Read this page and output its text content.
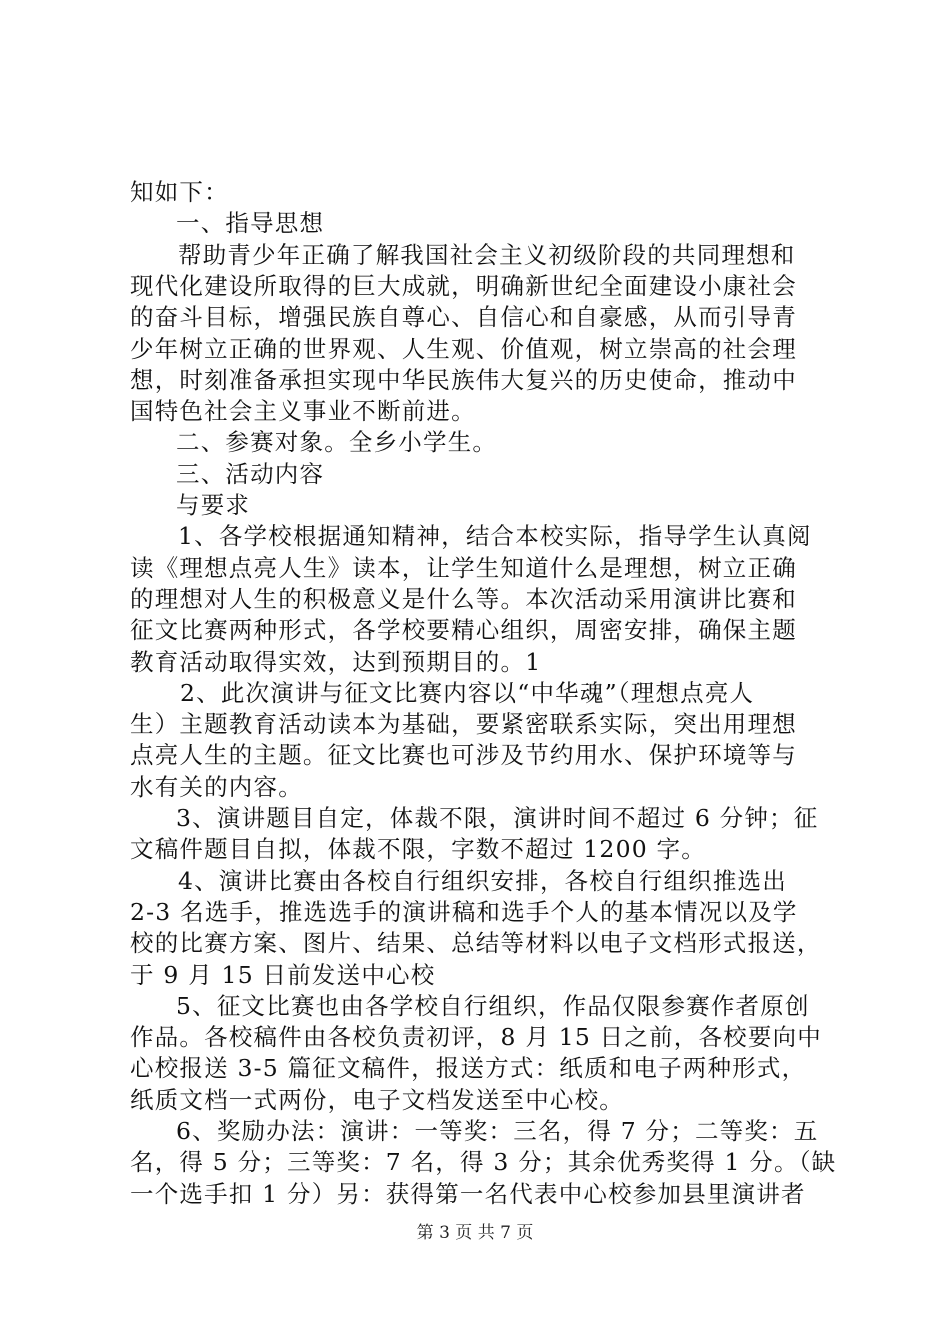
知如下：
一、指导思想
帮助青少年正确了解我国社会主义初级阶段的共同理想和
现代化建设所取得的巨大成就，明确新世纪全面建设小康社会
的奋斗目标，增强民族自尊心、自信心和自豪感，从而引导青
少年树立正确的世界观、人生观、价值观，树立崇高的社会理
想，时刻准备承担实现中华民族伟大复兴的历史使命，推动中
国特色社会主义事业不断前进。
二、参赛对象。全乡小学生。
三、活动内容
与要求
1、各学校根据通知精神，结合本校实际，指导学生认真阅
读《理想点亮人生》读本，让学生知道什么是理想，树立正确
的理想对人生的积极意义是什么等。本次活动采用演讲比赛和
征文比赛两种形式，各学校要精心组织，周密安排，确保主题
教育活动取得实效，达到预期目的。1
2、此次演讲与征文比赛内容以“中华魂”（理想点亮人
生）主题教育活动读本为基础，要紧密联系实际，突出用理想
点亮人生的主题。征文比赛也可涉及节约用水、保护环境等与
水有关的内容。
3、演讲题目自定，体裁不限，演讲时间不超过 6 分钟；征
文稿件题目自拟，体裁不限，字数不超过 1200 字。
4、演讲比赛由各校自行组织安排，各校自行组织推选出
2-3 名选手，推选选手的演讲稿和选手个人的基本情况以及学
校的比赛方案、图片、结果、总结等材料以电子文档形式报送，
于 9 月 15 日前发送中心校
5、征文比赛也由各学校自行组织，作品仅限参赛作者原创
作品。各校稿件由各校负责初评，8 月 15 日之前，各校要向中
心校报送 3-5 篇征文稿件，报送方式：纸质和电子两种形式，
纸质文档一式两份，电子文档发送至中心校。
6、奖励办法：演讲：一等奖：三名，得 7 分；二等奖：五
名，得 5 分；三等奖：7 名，得 3 分；其余优秀奖得 1 分。（缺
一个选手扣 1 分）另：获得第一名代表中心校参加县里演讲者
第 3 页 共 7 页
